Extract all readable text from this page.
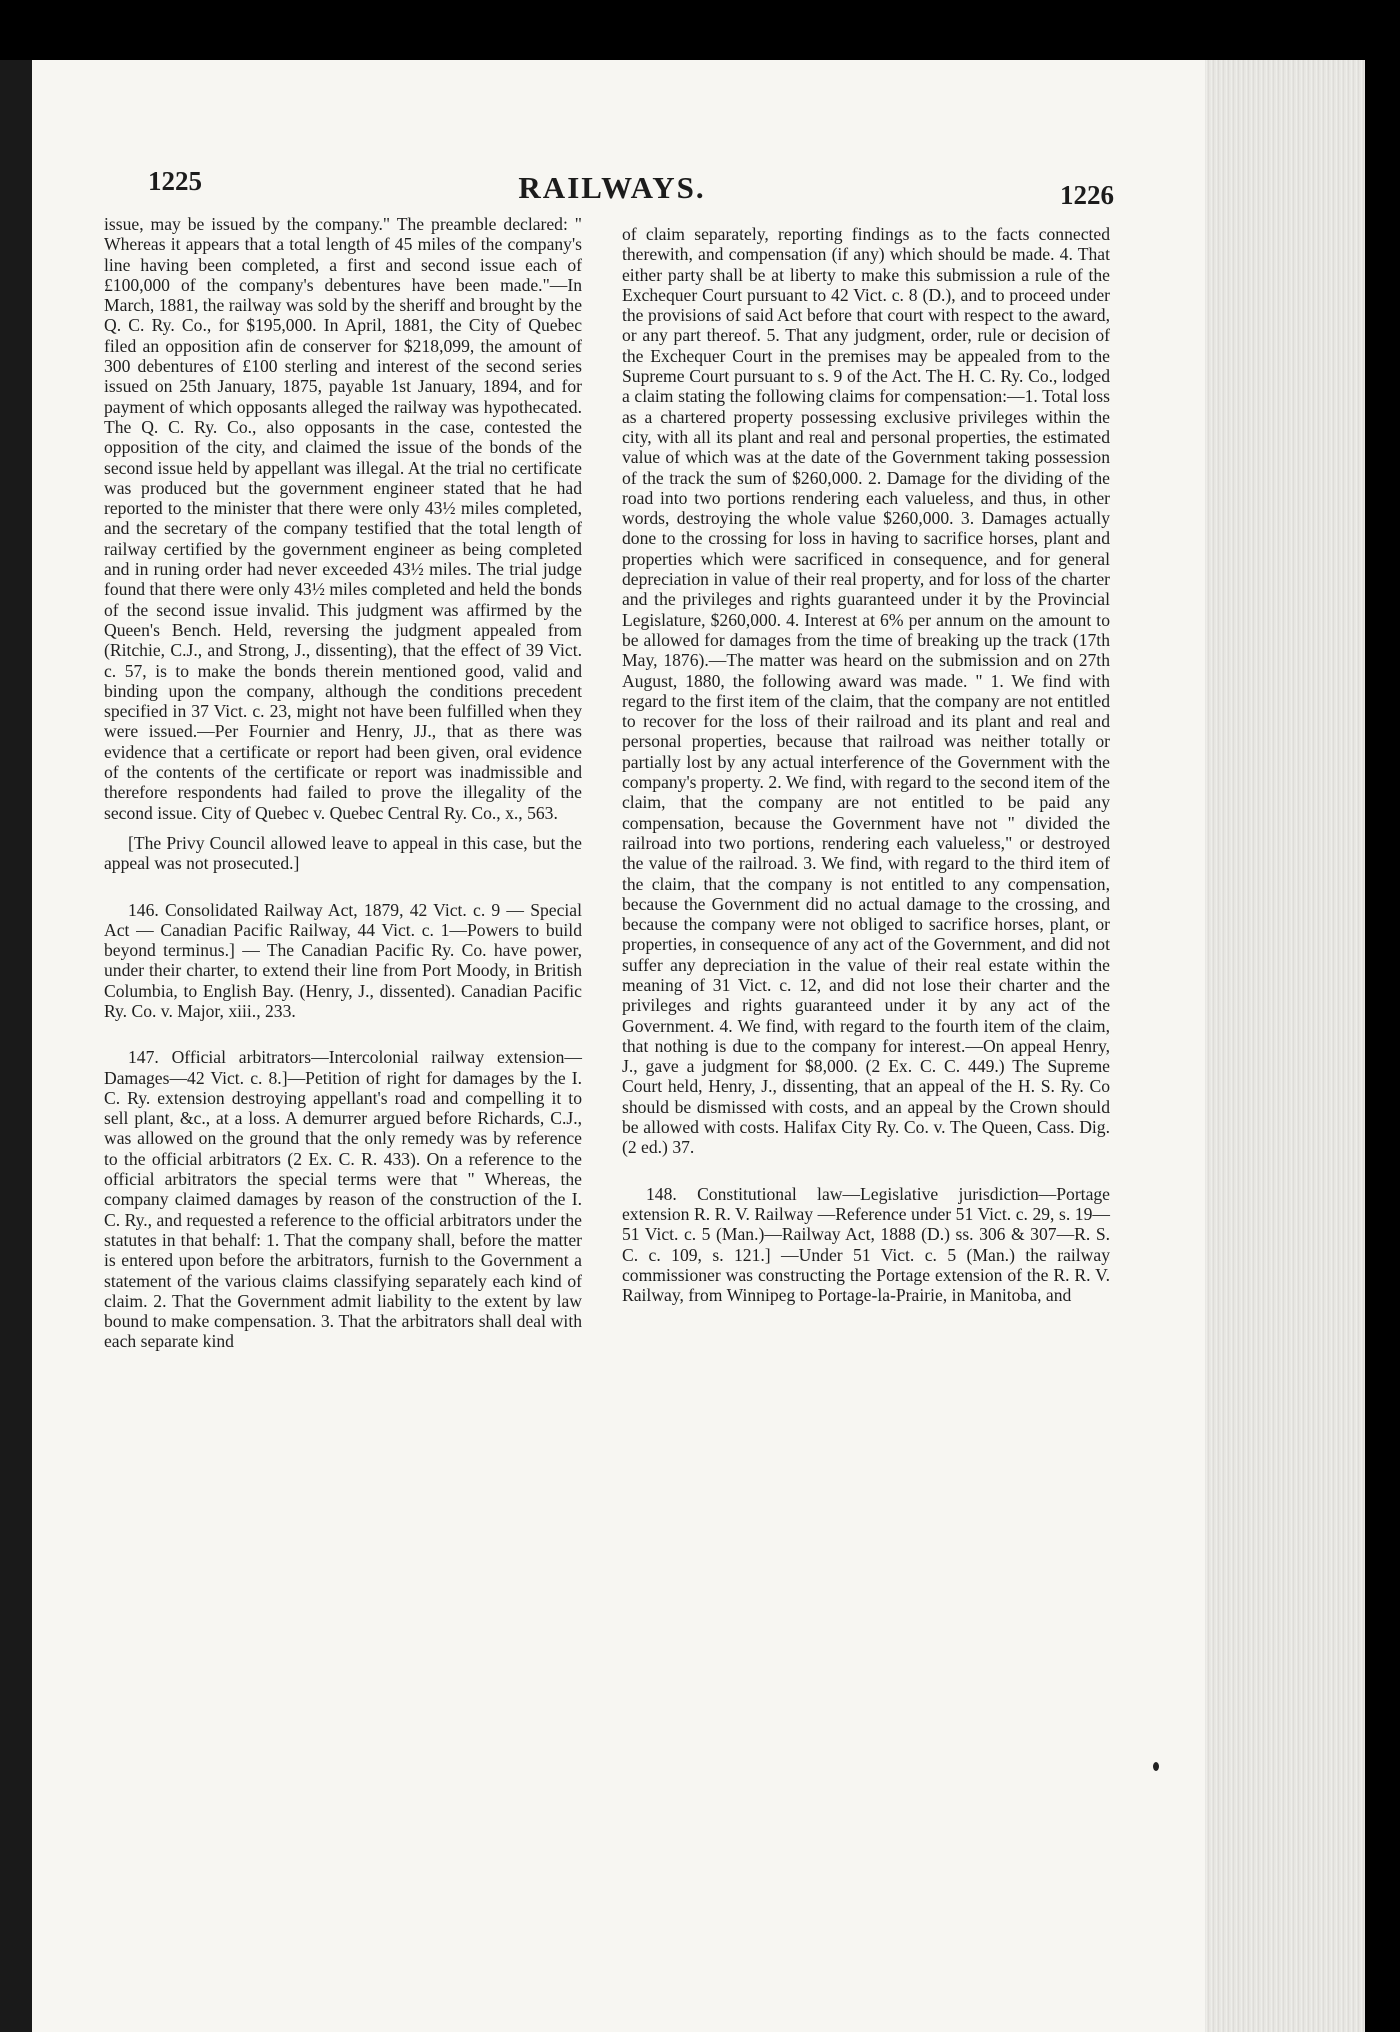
1225	RAILWAYS.	1226

issue, may be issued by the company." The preamble declared: " Whereas it appears that a total length of 45 miles of the company's line having been completed, a first and second issue each of £100,000 of the company's debentures have been made."—In March, 1881, the railway was sold by the sheriff and brought by the Q. C. Ry. Co., for $195,000. In April, 1881, the City of Quebec filed an opposition afin de conserver for $218,099, the amount of 300 debentures of £100 sterling and interest of the second series issued on 25th January, 1875, payable 1st January, 1894, and for payment of which opposants alleged the railway was hypothecated. The Q. C. Ry. Co., also opposants in the case, contested the opposition of the city, and claimed the issue of the bonds of the second issue held by appellant was illegal. At the trial no certificate was produced but the government engineer stated that he had reported to the minister that there were only 43½ miles completed, and the secretary of the company testified that the total length of railway certified by the government engineer as being completed and in runing order had never exceeded 43½ miles. The trial judge found that there were only 43½ miles completed and held the bonds of the second issue invalid. This judgment was affirmed by the Queen's Bench. Held, reversing the judgment appealed from (Ritchie, C.J., and Strong, J., dissenting), that the effect of 39 Vict. c. 57, is to make the bonds therein mentioned good, valid and binding upon the company, although the conditions precedent specified in 37 Vict. c. 23, might not have been fulfilled when they were issued.—Per Fournier and Henry, JJ., that as there was evidence that a certificate or report had been given, oral evidence of the contents of the certificate or report was inadmissible and therefore respondents had failed to prove the illegality of the second issue. City of Quebec v. Quebec Central Ry. Co., x., 563.

[The Privy Council allowed leave to appeal in this case, but the appeal was not prosecuted.]

146. Consolidated Railway Act, 1879, 42 Vict. c. 9 — Special Act — Canadian Pacific Railway, 44 Vict. c. 1—Powers to build beyond terminus.] — The Canadian Pacific Ry. Co. have power, under their charter, to extend their line from Port Moody, in British Columbia, to English Bay. (Henry, J., dissented). Canadian Pacific Ry. Co. v. Major, xiii., 233.

147. Official arbitrators—Intercolonial railway extension—Damages—42 Vict. c. 8.]—Petition of right for damages by the I. C. Ry. extension destroying appellant's road and compelling it to sell plant, &c., at a loss. A demurrer argued before Richards, C.J., was allowed on the ground that the only remedy was by reference to the official arbitrators (2 Ex. C. R. 433). On a reference to the official arbitrators the special terms were that " Whereas, the company claimed damages by reason of the construction of the I. C. Ry., and requested a reference to the official arbitrators under the statutes in that behalf: 1. That the company shall, before the matter is entered upon before the arbitrators, furnish to the Government a statement of the various claims classifying separately each kind of claim. 2. That the Government admit liability to the extent by law bound to make compensation. 3. That the arbitrators shall deal with each separate kind

of claim separately, reporting findings as to the facts connected therewith, and compensation (if any) which should be made. 4. That either party shall be at liberty to make this submission a rule of the Exchequer Court pursuant to 42 Vict. c. 8 (D.), and to proceed under the provisions of said Act before that court with respect to the award, or any part thereof. 5. That any judgment, order, rule or decision of the Exchequer Court in the premises may be appealed from to the Supreme Court pursuant to s. 9 of the Act. The H. C. Ry. Co., lodged a claim stating the following claims for compensation:—1. Total loss as a chartered property possessing exclusive privileges within the city, with all its plant and real and personal properties, the estimated value of which was at the date of the Government taking possession of the track the sum of $260,000. 2. Damage for the dividing of the road into two portions rendering each valueless, and thus, in other words, destroying the whole value $260,000. 3. Damages actually done to the crossing for loss in having to sacrifice horses, plant and properties which were sacrificed in consequence, and for general depreciation in value of their real property, and for loss of the charter and the privileges and rights guaranteed under it by the Provincial Legislature, $260,000. 4. Interest at 6% per annum on the amount to be allowed for damages from the time of breaking up the track (17th May, 1876).—The matter was heard on the submission and on 27th August, 1880, the following award was made. " 1. We find with regard to the first item of the claim, that the company are not entitled to recover for the loss of their railroad and its plant and real and personal properties, because that railroad was neither totally or partially lost by any actual interference of the Government with the company's property. 2. We find, with regard to the second item of the claim, that the company are not entitled to be paid any compensation, because the Government have not " divided the railroad into two portions, rendering each valueless," or destroyed the value of the railroad. 3. We find, with regard to the third item of the claim, that the company is not entitled to any compensation, because the Government did no actual damage to the crossing, and because the company were not obliged to sacrifice horses, plant, or properties, in consequence of any act of the Government, and did not suffer any depreciation in the value of their real estate within the meaning of 31 Vict. c. 12, and did not lose their charter and the privileges and rights guaranteed under it by any act of the Government. 4. We find, with regard to the fourth item of the claim, that nothing is due to the company for interest.—On appeal Henry, J., gave a judgment for $8,000. (2 Ex. C. C. 449.) The Supreme Court held, Henry, J., dissenting, that an appeal of the H. S. Ry. Co should be dismissed with costs, and an appeal by the Crown should be allowed with costs. Halifax City Ry. Co. v. The Queen, Cass. Dig. (2 ed.) 37.

148. Constitutional law—Legislative jurisdiction—Portage extension R. R. V. Railway —Reference under 51 Vict. c. 29, s. 19— 51 Vict. c. 5 (Man.)—Railway Act, 1888 (D.) ss. 306 & 307—R. S. C. c. 109, s. 121.] —Under 51 Vict. c. 5 (Man.) the railway commissioner was constructing the Portage extension of the R. R. V. Railway, from Winnipeg to Portage-la-Prairie, in Manitoba, and
